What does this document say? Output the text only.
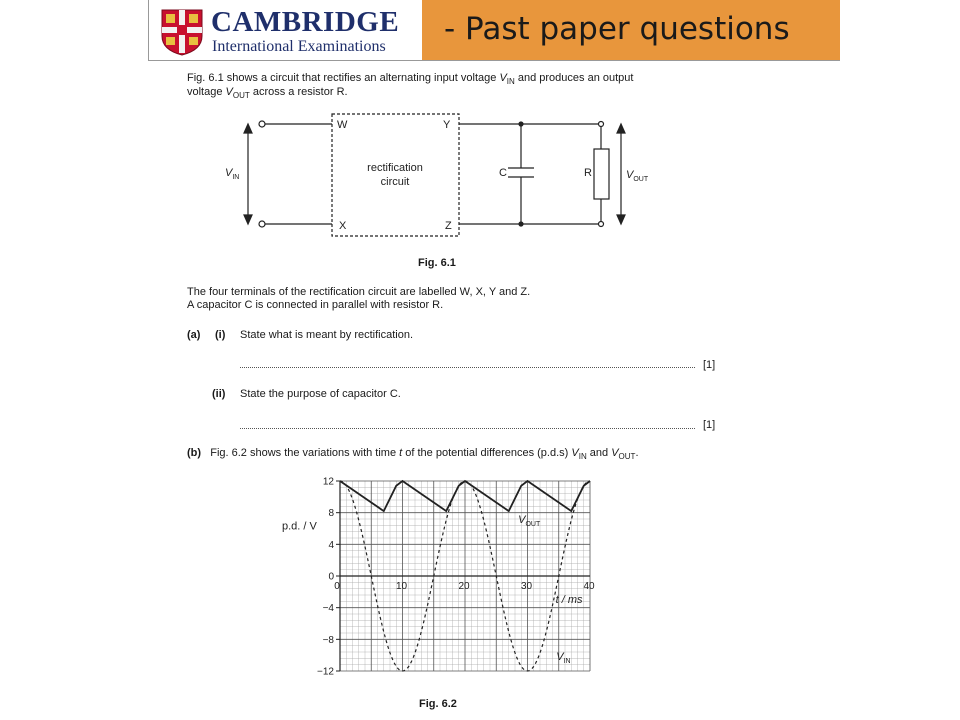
CAMBRIDGE
International Examinations - Past paper questions
Fig. 6.1 shows a circuit that rectifies an alternating input voltage $V_{IN}$ and produces an output
voltage $V_{OUT}$ across a resistor R.
$V_{IN}$
W	Y
X	Z
rectification
circuit
C	R	$V_{OUT}$
Fig. 6.1
The four terminals of the rectification circuit are labelled W, X, Y and Z.
A capacitor C is connected in parallel with resistor R.
(a) (i) State what is meant by rectification.
[1]
(ii) State the purpose of capacitor C.
[1]
(b) Fig. 6.2 shows the variations with time t of the potential differences (p.d.s) $V_{IN}$ and $V_{OUT}$.
12
8
4
0
−4
−8
−12
0	10	20	30	40
p.d. / V
t / ms
$V_{OUT}$
$V_{IN}$
Fig. 6.2
